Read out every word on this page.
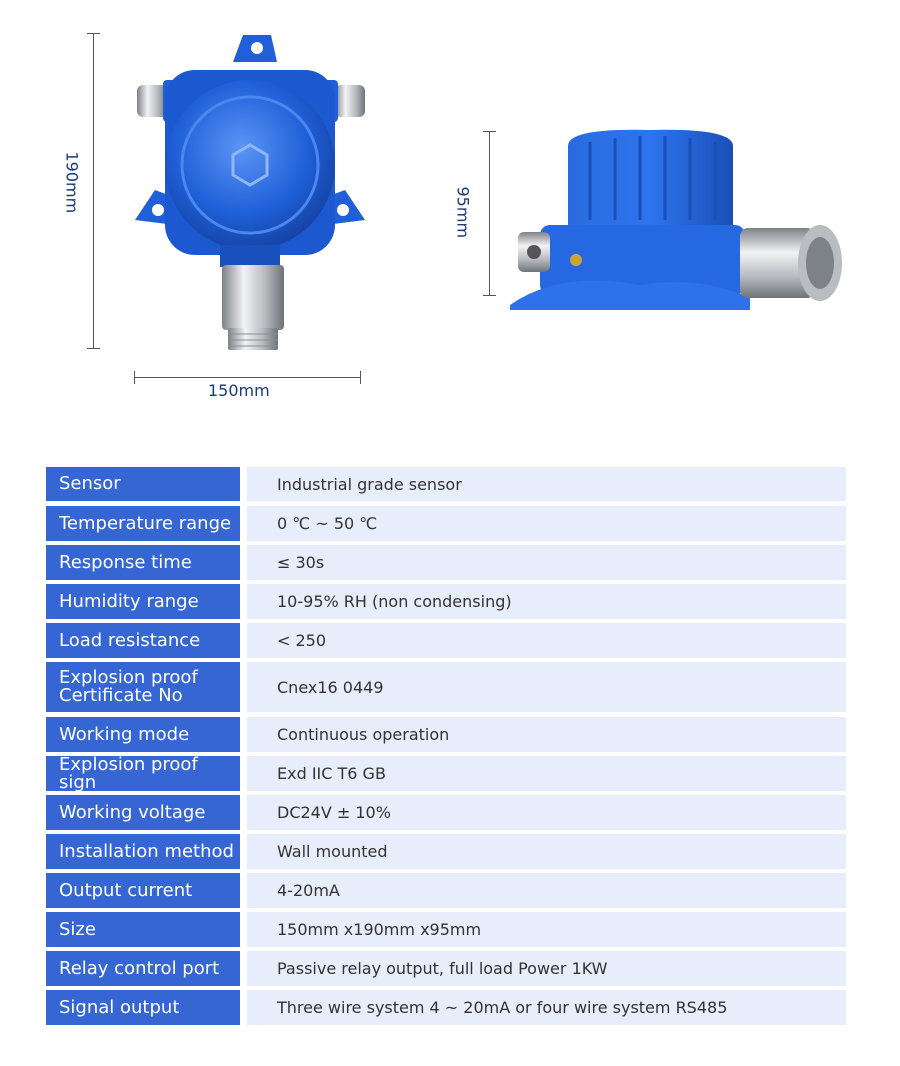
190mm
150mm
95mm
Sensor	Industrial grade sensor
Temperature range	0 ℃ ~ 50 ℃
Response time	≤ 30s
Humidity range	10-95% RH (non condensing)
Load resistance	< 250
Explosion proof
Certificate No	Cnex16 0449
Working mode	Continuous operation
Explosion proof sign	Exd IIC T6 GB
Working voltage	DC24V ± 10%
Installation method	Wall mounted
Output current	4-20mA
Size	150mm x190mm x95mm
Relay control port	Passive relay output, full load Power 1KW
Signal output	Three wire system 4 ~ 20mA or four wire system RS485
